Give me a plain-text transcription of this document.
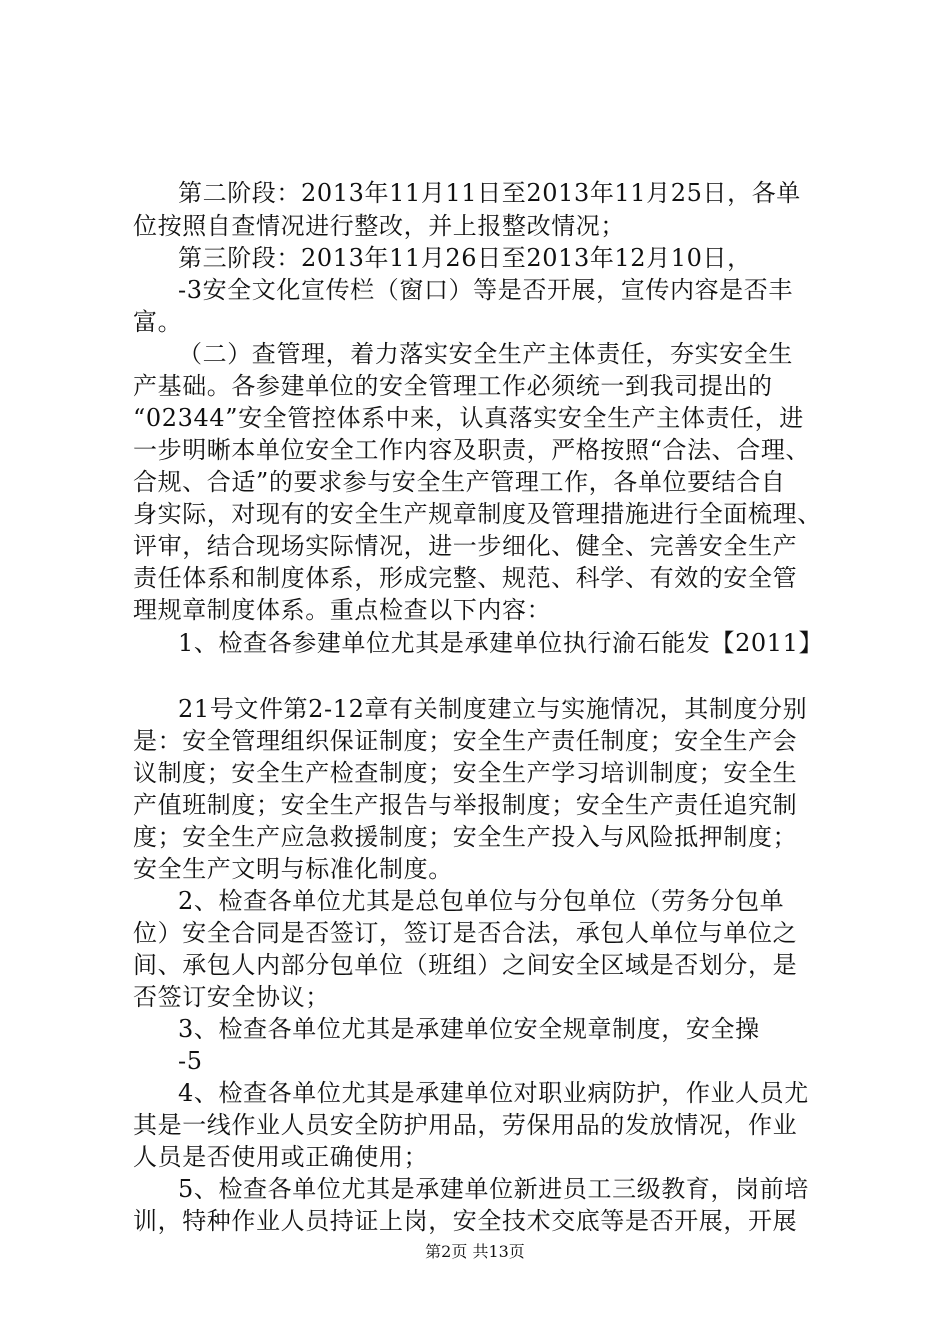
第二阶段：2013年11月11日至2013年11月25日，各单
位按照自查情况进行整改，并上报整改情况；
第三阶段：2013年11月26日至2013年12月10日，
-3安全文化宣传栏（窗口）等是否开展，宣传内容是否丰
富。
（二）查管理，着力落实安全生产主体责任，夯实安全生
产基础。各参建单位的安全管理工作必须统一到我司提出的
“02344”安全管控体系中来，认真落实安全生产主体责任，进
一步明晰本单位安全工作内容及职责，严格按照“合法、合理、
合规、合适”的要求参与安全生产管理工作，各单位要结合自
身实际，对现有的安全生产规章制度及管理措施进行全面梳理、
评审，结合现场实际情况，进一步细化、健全、完善安全生产
责任体系和制度体系，形成完整、规范、科学、有效的安全管
理规章制度体系。重点检查以下内容：
1、检查各参建单位尤其是承建单位执行渝石能发【2011】
21号文件第2-12章有关制度建立与实施情况，其制度分别
是：安全管理组织保证制度；安全生产责任制度；安全生产会
议制度；安全生产检查制度；安全生产学习培训制度；安全生
产值班制度；安全生产报告与举报制度；安全生产责任追究制
度；安全生产应急救援制度；安全生产投入与风险抵押制度；
安全生产文明与标准化制度。
2、检查各单位尤其是总包单位与分包单位（劳务分包单
位）安全合同是否签订，签订是否合法，承包人单位与单位之
间、承包人内部分包单位（班组）之间安全区域是否划分，是
否签订安全协议；
3、检查各单位尤其是承建单位安全规章制度，安全操
-5
4、检查各单位尤其是承建单位对职业病防护，作业人员尤
其是一线作业人员安全防护用品，劳保用品的发放情况，作业
人员是否使用或正确使用；
5、检查各单位尤其是承建单位新进员工三级教育，岗前培
训，特种作业人员持证上岗，安全技术交底等是否开展，开展
第2页 共13页
